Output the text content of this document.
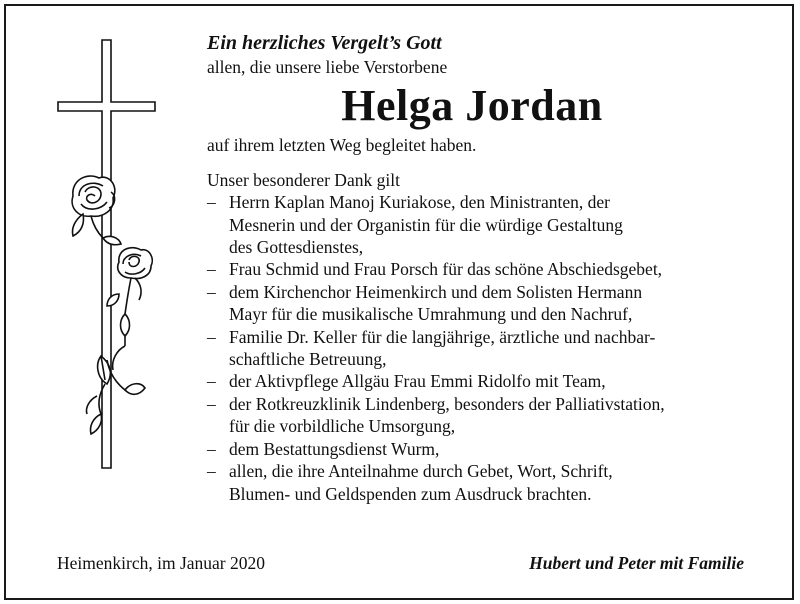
Ein herzliches Vergelt’s Gott

allen, die unsere liebe Verstorbene

Helga Jordan

auf ihrem letzten Weg begleitet haben.

Unser besonderer Dank gilt

– Herrn Kaplan Manoj Kuriakose, den Ministranten, der
Mesnerin und der Organistin für die würdige Gestaltung
des Gottesdienstes,
– Frau Schmid und Frau Porsch für das schöne Abschiedsgebet,
– dem Kirchenchor Heimenkirch und dem Solisten Hermann
Mayr für die musikalische Umrahmung und den Nachruf,
– Familie Dr. Keller für die langjährige, ärztliche und nachbar-
schaftliche Betreuung,
– der Aktivpflege Allgäu Frau Emmi Ridolfo mit Team,
– der Rotkreuzklinik Lindenberg, besonders der Palliativstation,
für die vorbildliche Umsorgung,
– dem Bestattungsdienst Wurm,
– allen, die ihre Anteilnahme durch Gebet, Wort, Schrift,
Blumen- und Geldspenden zum Ausdruck brachten.
Heimenkirch, im Januar 2020	Hubert und Peter mit Familie
